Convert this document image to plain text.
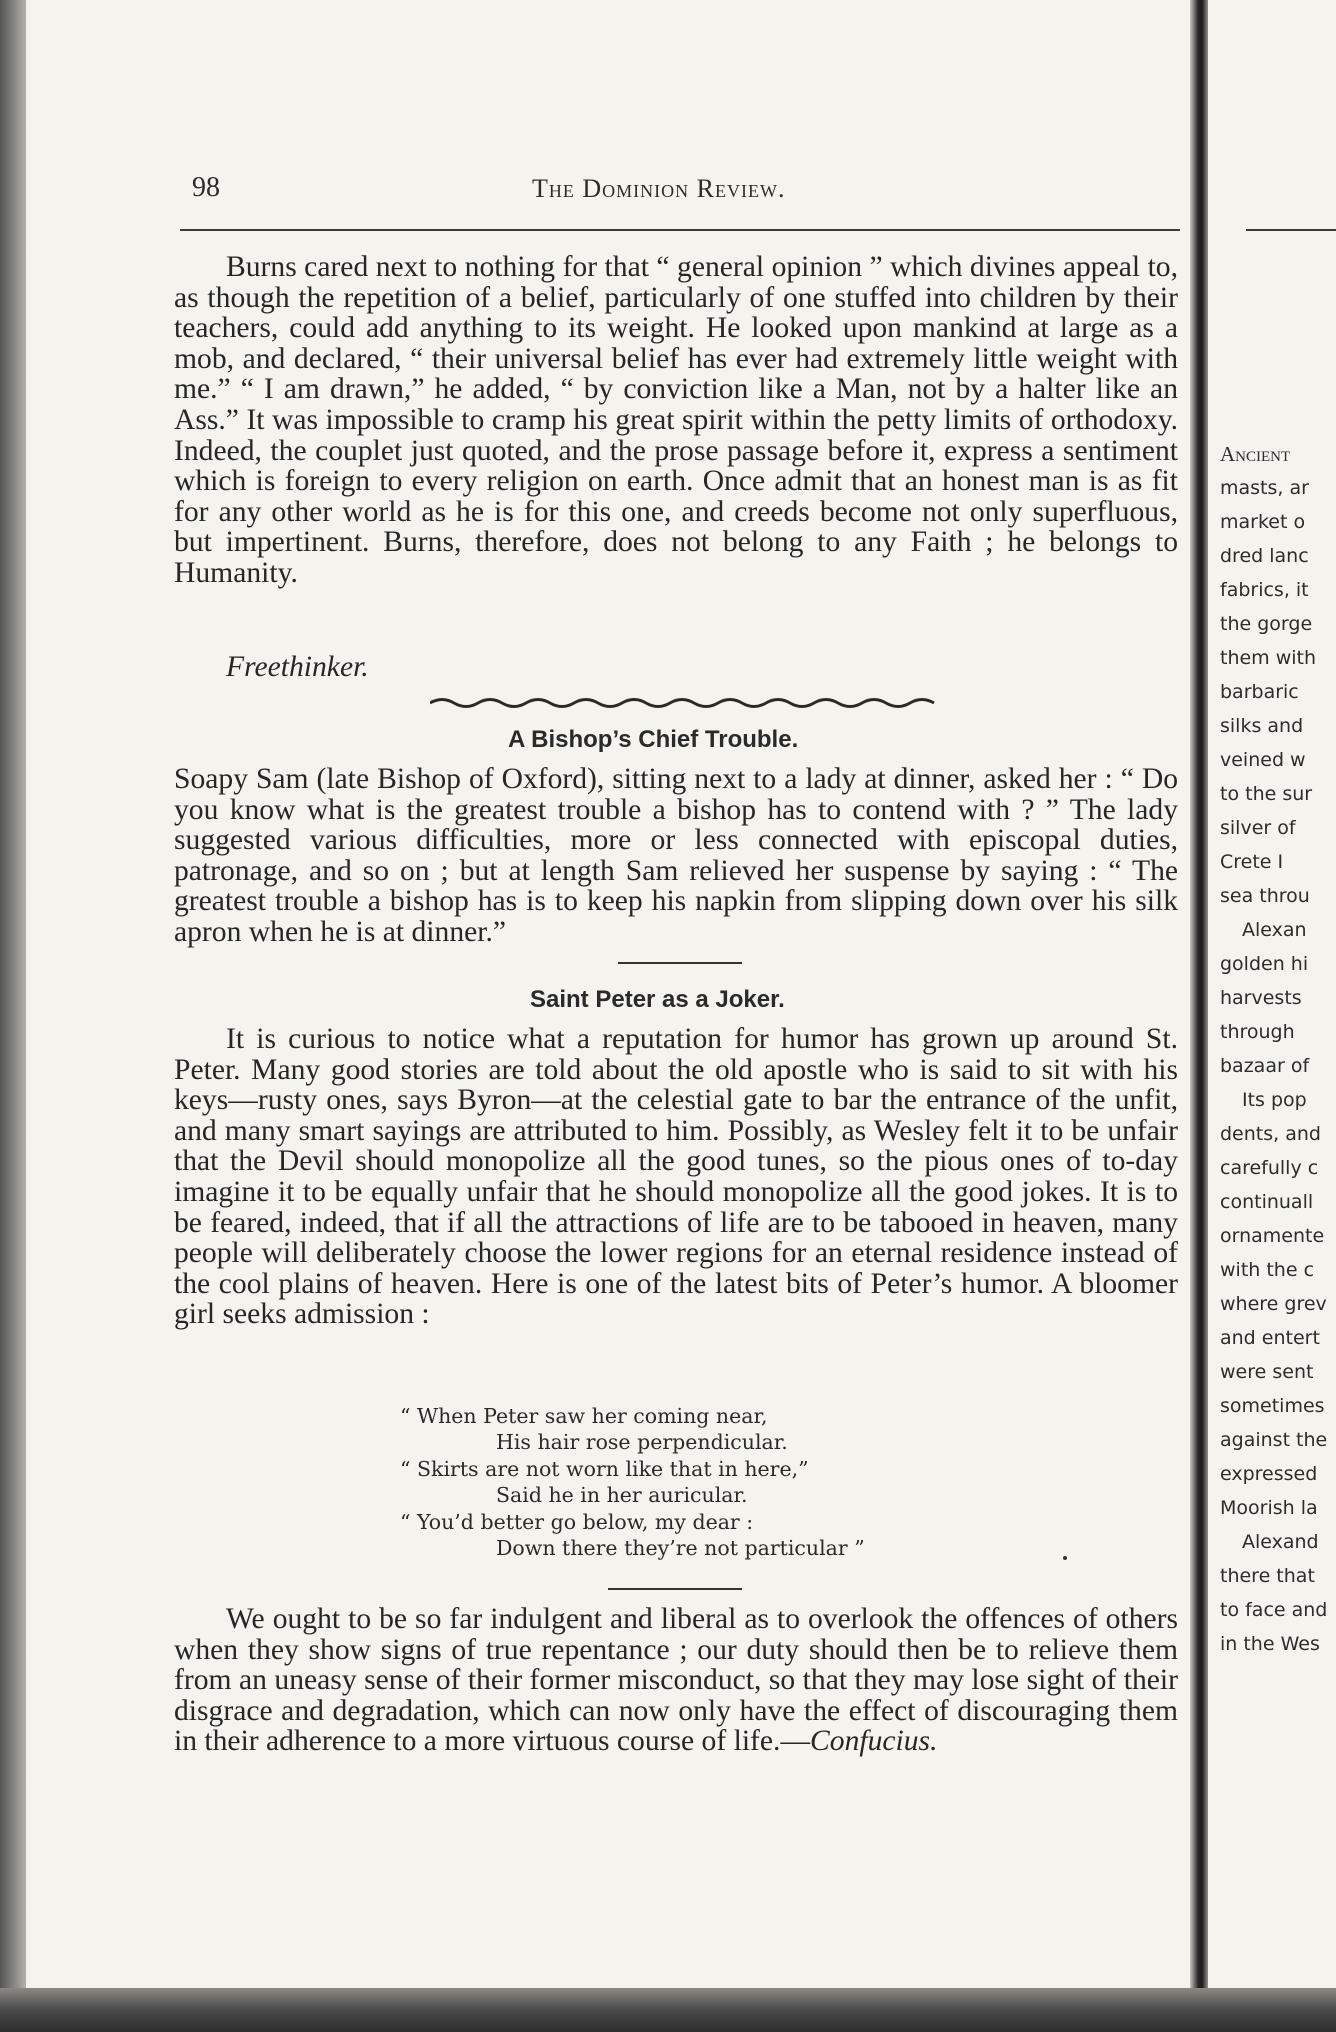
98	The Dominion Review.

Burns cared next to nothing for that “ general opinion ” which divines appeal to, as though the repetition of a belief, particularly of one stuffed into children by their teachers, could add anything to its weight. He looked upon mankind at large as a mob, and declared, “ their universal belief has ever had extremely little weight with me.” “ I am drawn,” he added, “ by conviction like a Man, not by a halter like an Ass.” It was impossible to cramp his great spirit within the petty limits of orthodoxy. Indeed, the couplet just quoted, and the prose passage before it, express a sentiment which is foreign to every religion on earth. Once admit that an honest man is as fit for any other world as he is for this one, and creeds become not only superfluous, but impertinent. Burns, therefore, does not belong to any Faith ; he belongs to Humanity.

Freethinker.

A Bishop’s Chief Trouble.

Soapy Sam (late Bishop of Oxford), sitting next to a lady at dinner, asked her : “ Do you know what is the greatest trouble a bishop has to contend with ? ” The lady suggested various difficulties, more or less connected with episcopal duties, patronage, and so on ; but at length Sam relieved her suspense by saying : “ The greatest trouble a bishop has is to keep his napkin from slipping down over his silk apron when he is at dinner.”

Saint Peter as a Joker.

It is curious to notice what a reputation for humor has grown up around St. Peter. Many good stories are told about the old apostle who is said to sit with his keys—rusty ones, says Byron—at the celestial gate to bar the entrance of the unfit, and many smart sayings are attributed to him. Possibly, as Wesley felt it to be unfair that the Devil should monopolize all the good tunes, so the pious ones of to-day imagine it to be equally unfair that he should monopolize all the good jokes. It is to be feared, indeed, that if all the attractions of life are to be tabooed in heaven, many people will deliberately choose the lower regions for an eternal residence instead of the cool plains of heaven. Here is one of the latest bits of Peter’s humor. A bloomer girl seeks admission :

“ When Peter saw her coming near,
His hair rose perpendicular.
“ Skirts are not worn like that in here,”
Said he in her auricular.
“ You’d better go below, my dear :
Down there they’re not particular ”

We ought to be so far indulgent and liberal as to overlook the offences of others when they show signs of true repentance ; our duty should then be to relieve them from an uneasy sense of their former misconduct, so that they may lose sight of their disgrace and degradation, which can now only have the effect of discouraging them in their adherence to a more virtuous course of life.—Confucius.

Ancient
masts, ar
market o
dred lanc
fabrics, it
the gorge
them with
barbaric
silks and
veined w
to the sur
silver of
Crete I
sea throu
Alexan
golden hi
harvests
through
bazaar of
Its pop
dents, and
carefully c
continuall
ornamente
with the c
where grev
and entert
were sent
sometimes
against the
expressed
Moorish la
Alexand
there that
to face and
in the Wes
